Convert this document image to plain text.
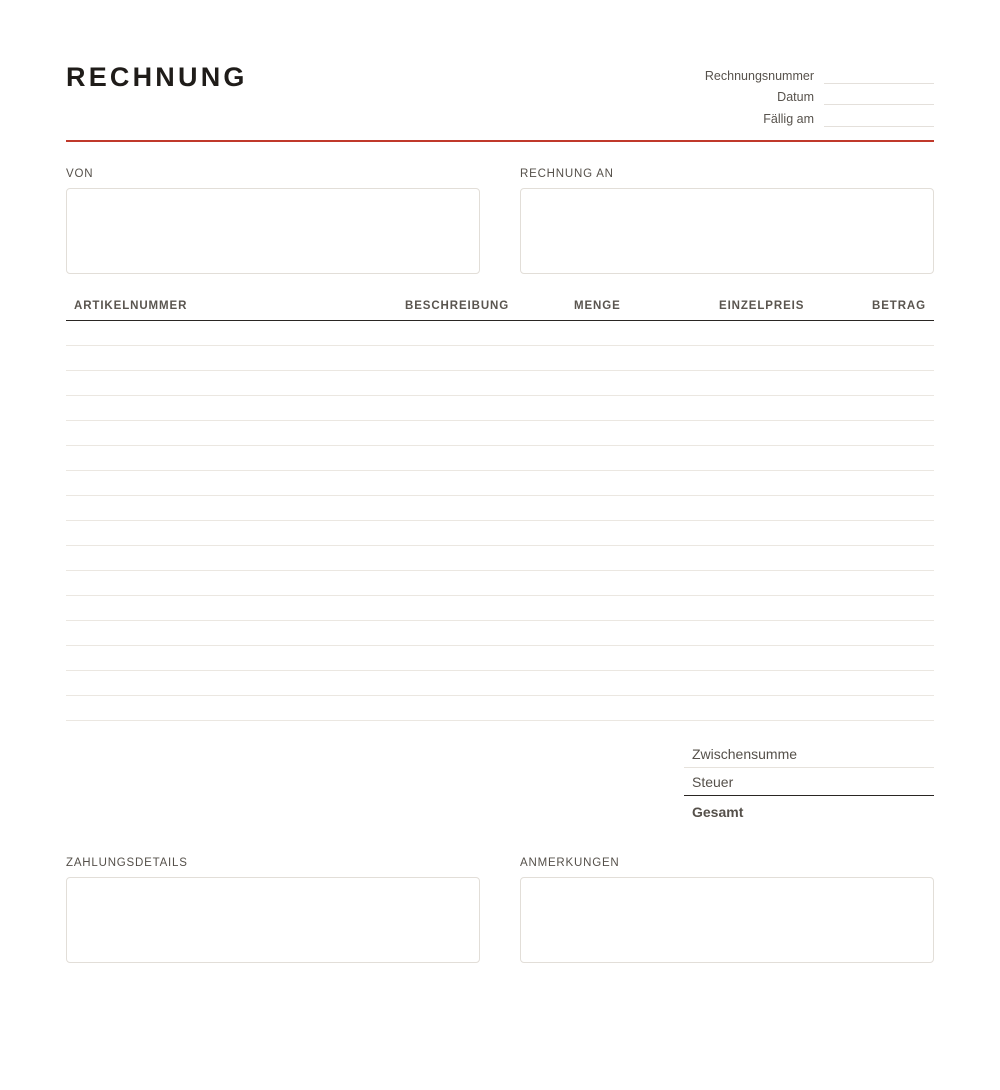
RECHNUNG	Rechnungsnummer
Datum
Fällig am
VON	RECHNUNG AN
ARTIKELNUMMER	BESCHREIBUNG	MENGE	EINZELPREIS	BETRAG
Zwischensumme
Steuer
Gesamt
ZAHLUNGSDETAILS	ANMERKUNGEN
